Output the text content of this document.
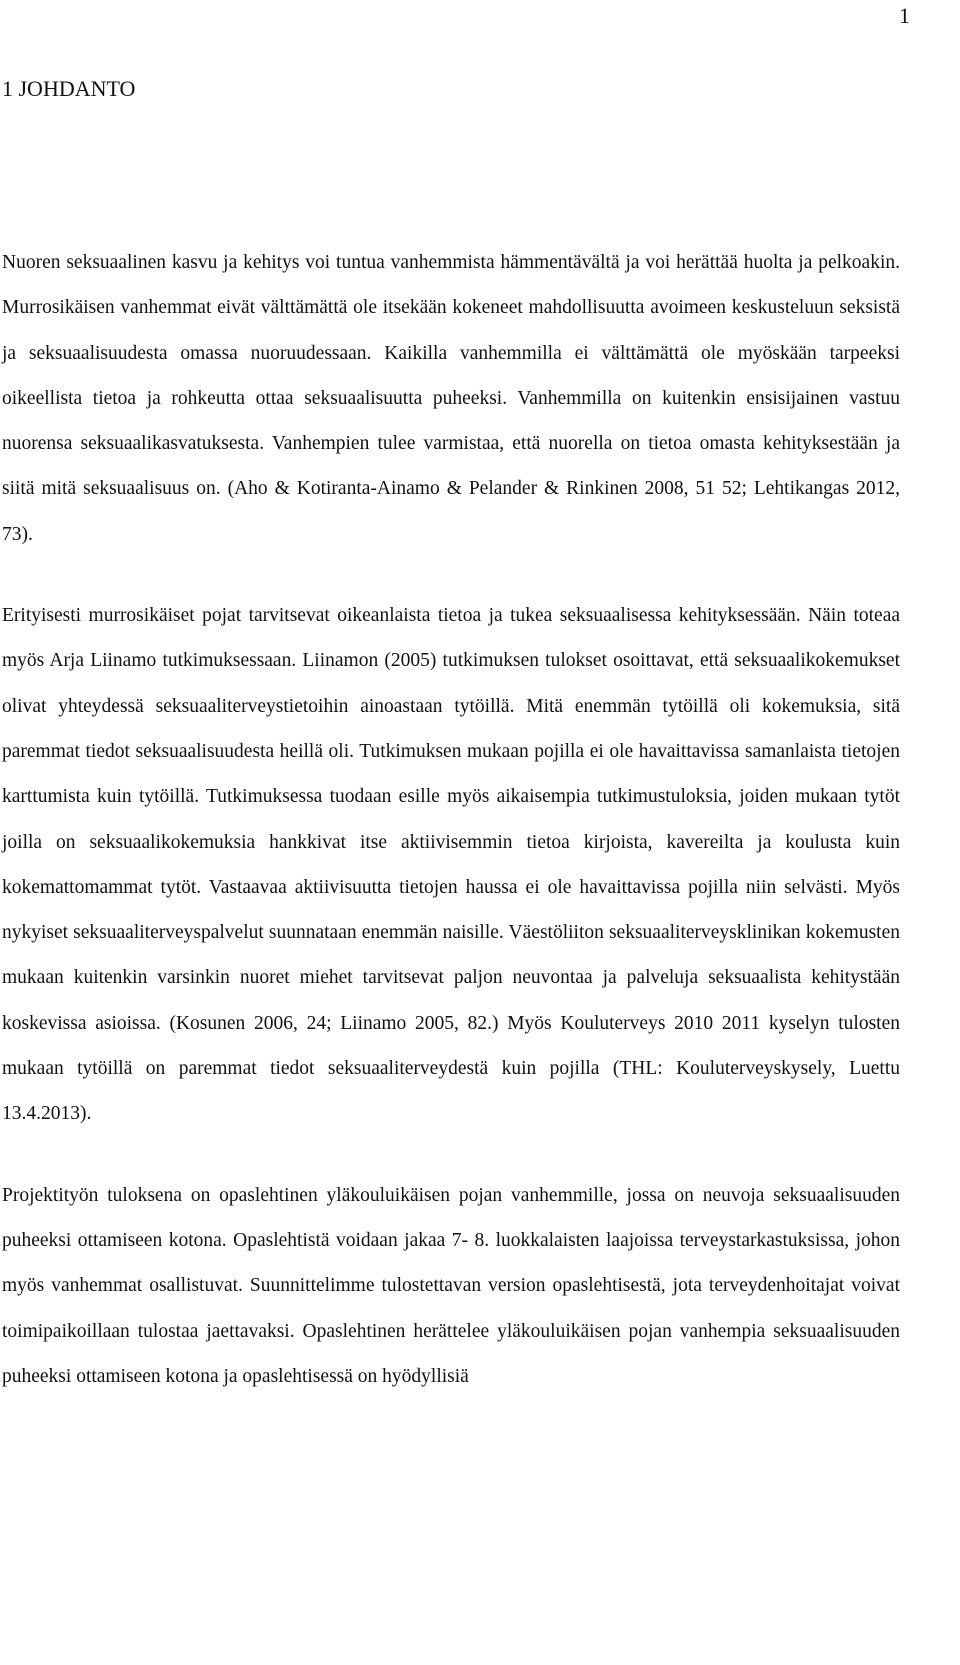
1
1 JOHDANTO

Nuoren seksuaalinen kasvu ja kehitys voi tuntua vanhemmista hämmentävältä ja voi herättää huolta ja pelkoakin. Murrosikäisen vanhemmat eivät välttämättä ole itsekään kokeneet mahdollisuutta avoimeen keskusteluun seksistä ja seksuaalisuudesta omassa nuoruudessaan. Kaikilla vanhemmilla ei välttämättä ole myöskään tarpeeksi oikeellista tietoa ja rohkeutta ottaa seksuaalisuutta puheeksi. Vanhemmilla on kuitenkin ensisijainen vastuu nuorensa seksuaalikasvatuksesta. Vanhempien tulee varmistaa, että nuorella on tietoa omasta kehityksestään ja siitä mitä seksuaalisuus on. (Aho & Kotiranta-Ainamo & Pelander & Rinkinen 2008, 51 52; Lehtikangas 2012, 73).

Erityisesti murrosikäiset pojat tarvitsevat oikeanlaista tietoa ja tukea seksuaalisessa kehityksessään. Näin toteaa myös Arja Liinamo tutkimuksessaan. Liinamon (2005) tutkimuksen tulokset osoittavat, että seksuaalikokemukset olivat yhteydessä seksuaaliterveystietoihin ainoastaan tytöillä. Mitä enemmän tytöillä oli kokemuksia, sitä paremmat tiedot seksuaalisuudesta heillä oli. Tutkimuksen mukaan pojilla ei ole havaittavissa samanlaista tietojen karttumista kuin tytöillä. Tutkimuksessa tuodaan esille myös aikaisempia tutkimustuloksia, joiden mukaan tytöt joilla on seksuaalikokemuksia hankkivat itse aktiivisemmin tietoa kirjoista, kavereilta ja koulusta kuin kokemattomammat tytöt. Vastaavaa aktiivisuutta tietojen haussa ei ole havaittavissa pojilla niin selvästi. Myös nykyiset seksuaaliterveyspalvelut suunnataan enemmän naisille. Väestöliiton seksuaaliterveysklinikan kokemusten mukaan kuitenkin varsinkin nuoret miehet tarvitsevat paljon neuvontaa ja palveluja seksuaalista kehitystään koskevissa asioissa. (Kosunen 2006, 24; Liinamo 2005, 82.) Myös Kouluterveys 2010 2011 kyselyn tulosten mukaan tytöillä on paremmat tiedot seksuaaliterveydestä kuin pojilla (THL: Kouluterveyskysely, Luettu 13.4.2013).

Projektityön tuloksena on opaslehtinen yläkouluikäisen pojan vanhemmille, jossa on neuvoja seksuaalisuuden puheeksi ottamiseen kotona. Opaslehtistä voidaan jakaa 7- 8. luokkalaisten laajoissa terveystarkastuksissa, johon myös vanhemmat osallistuvat. Suunnittelimme tulostettavan version opaslehtisestä, jota terveydenhoitajat voivat toimipaikoillaan tulostaa jaettavaksi. Opaslehtinen herättelee yläkouluikäisen pojan vanhempia seksuaalisuuden puheeksi ottamiseen kotona ja opaslehtisessä on hyödyllisiä
